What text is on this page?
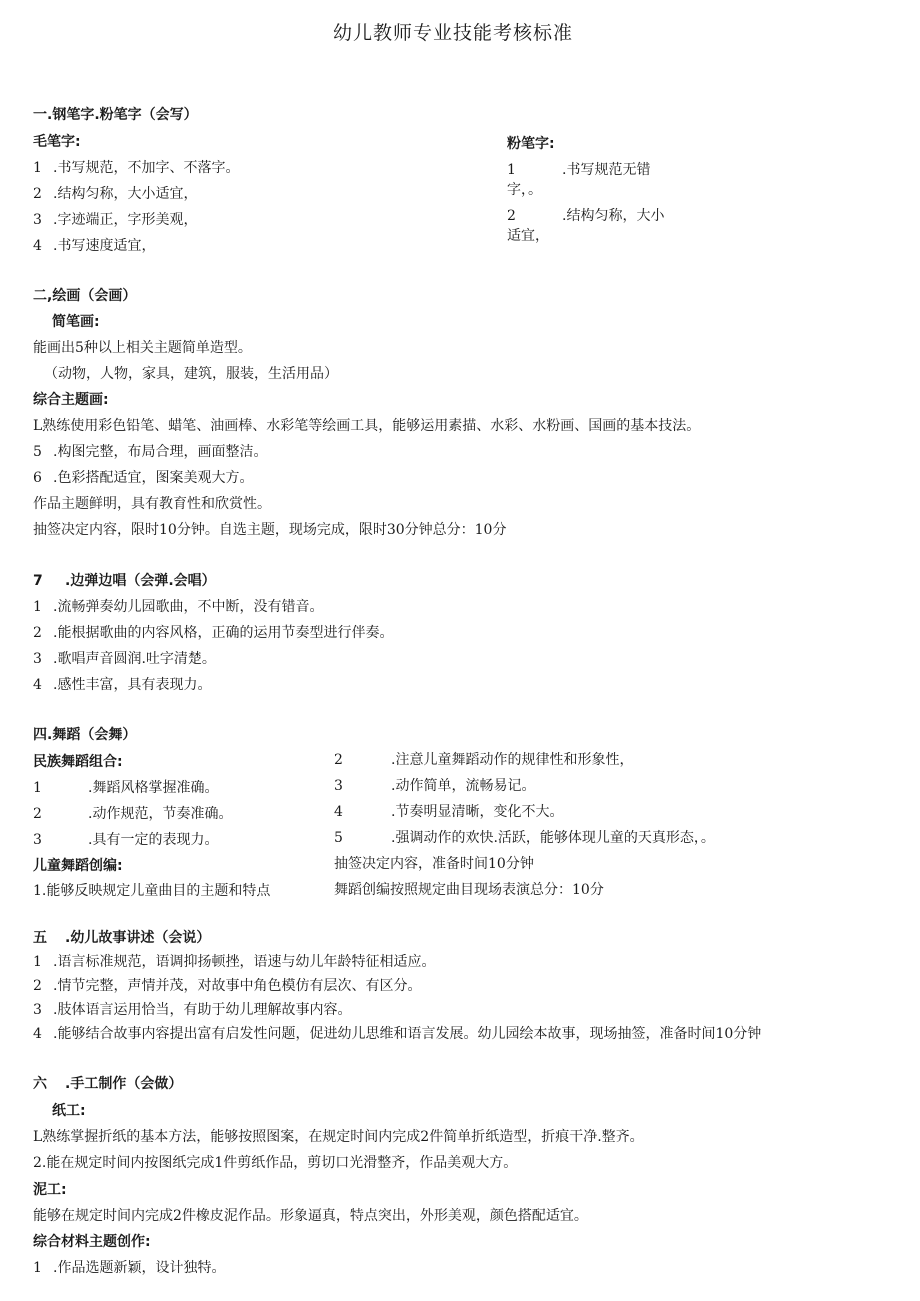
幼儿教师专业技能考核标准
一.钢笔字.粉笔字（会写）
毛笔字:
1 .书写规范，不加字、不落字。
2 .结构匀称，大小适宜，
3 .字迹端正，字形美观，
4 .书写速度适宜，
粉笔字:
1	.书写规范无错
字，。
2	.结构匀称，大小
适宜，
二,绘画（会画）
简笔画:
能画出5种以上相关主题简单造型。
（动物，人物，家具，建筑，服装，生活用品）
综合主题画:
L熟练使用彩色铅笔、蜡笔、油画棒、水彩笔等绘画工具，能够运用素描、水彩、水粉画、国画的基本技法。
5 .构图完整，布局合理，画面整洁。
6 .色彩搭配适宜，图案美观大方。
作品主题鲜明，具有教育性和欣赏性。
抽签决定内容，限时10分钟。自选主题，现场完成，限时30分钟总分：10分
7 .边弹边唱（会弹.会唱）
1 .流畅弹奏幼儿园歌曲，不中断，没有错音。
2 .能根据歌曲的内容风格，正确的运用节奏型进行伴奏。
3 .歌唱声音圆润.吐字清楚。
4 .感性丰富，具有表现力。
四.舞蹈（会舞）
民族舞蹈组合:
1	.舞蹈风格掌握准确。
2	.动作规范，节奏准确。
3	.具有一定的表现力。
儿童舞蹈创编:
1.能够反映规定儿童曲目的主题和特点
2	.注意儿童舞蹈动作的规律性和形象性，
3	.动作简单，流畅易记。
4	.节奏明显清晰，变化不大。
5	.强调动作的欢快.活跃，能够体现儿童的天真形态，。
抽签决定内容，准备时间10分钟
舞蹈创编按照规定曲目现场表演总分：10分
五 .幼儿故事讲述（会说）
1 .语言标准规范，语调抑扬顿挫，语速与幼儿年龄特征相适应。
2 .情节完整，声情并茂，对故事中角色模仿有层次、有区分。
3 .肢体语言运用恰当，有助于幼儿理解故事内容。
4 .能够结合故事内容提出富有启发性问题，促进幼儿思维和语言发展。幼儿园绘本故事，现场抽签，准备时间10分钟
六 .手工制作（会做）
纸工:
L熟练掌握折纸的基本方法，能够按照图案，在规定时间内完成2件简单折纸造型，折痕干净.整齐。
2.能在规定时间内按图纸完成1件剪纸作品，剪切口光滑整齐，作品美观大方。
泥工:
能够在规定时间内完成2件橡皮泥作品。形象逼真，特点突出，外形美观，颜色搭配适宜。
综合材料主题创作:
1 .作品选题新颖，设计独特。
